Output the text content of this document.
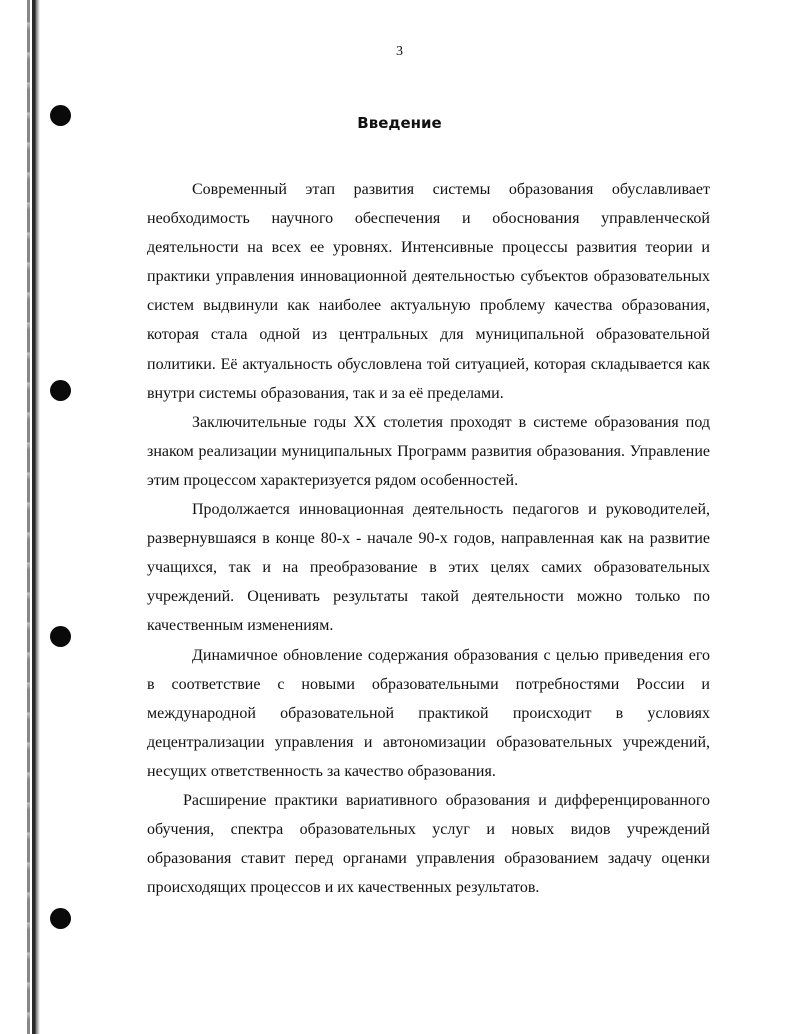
3
Введение

Современный этап развития системы образования обуславливает необходимость научного обеспечения и обоснования управленческой деятельности на всех ее уровнях. Интенсивные процессы развития теории и практики управления инновационной деятельностью субъектов образовательных систем выдвинули как наиболее актуальную проблему качества образования, которая стала одной из центральных для муниципальной образовательной политики. Её актуальность обусловлена той ситуацией, которая складывается как внутри системы образования, так и за её пределами.

Заключительные годы XX столетия проходят в системе образования под знаком реализации муниципальных Программ развития образования. Управление этим процессом характеризуется рядом особенностей.

Продолжается инновационная деятельность педагогов и руководителей, развернувшаяся в конце 80-х - начале 90-х годов, направленная как на развитие учащихся, так и на преобразование в этих целях самих образовательных учреждений. Оценивать результаты такой деятельности можно только по качественным изменениям.

Динамичное обновление содержания образования с целью приведения его в соответствие с новыми образовательными потребностями России и международной образовательной практикой происходит в условиях децентрализации управления и автономизации образовательных учреждений, несущих ответственность за качество образования.

Расширение практики вариативного образования и дифференцированного обучения, спектра образовательных услуг и новых видов учреждений образования ставит перед органами управления образованием задачу оценки происходящих процессов и их качественных результатов.
